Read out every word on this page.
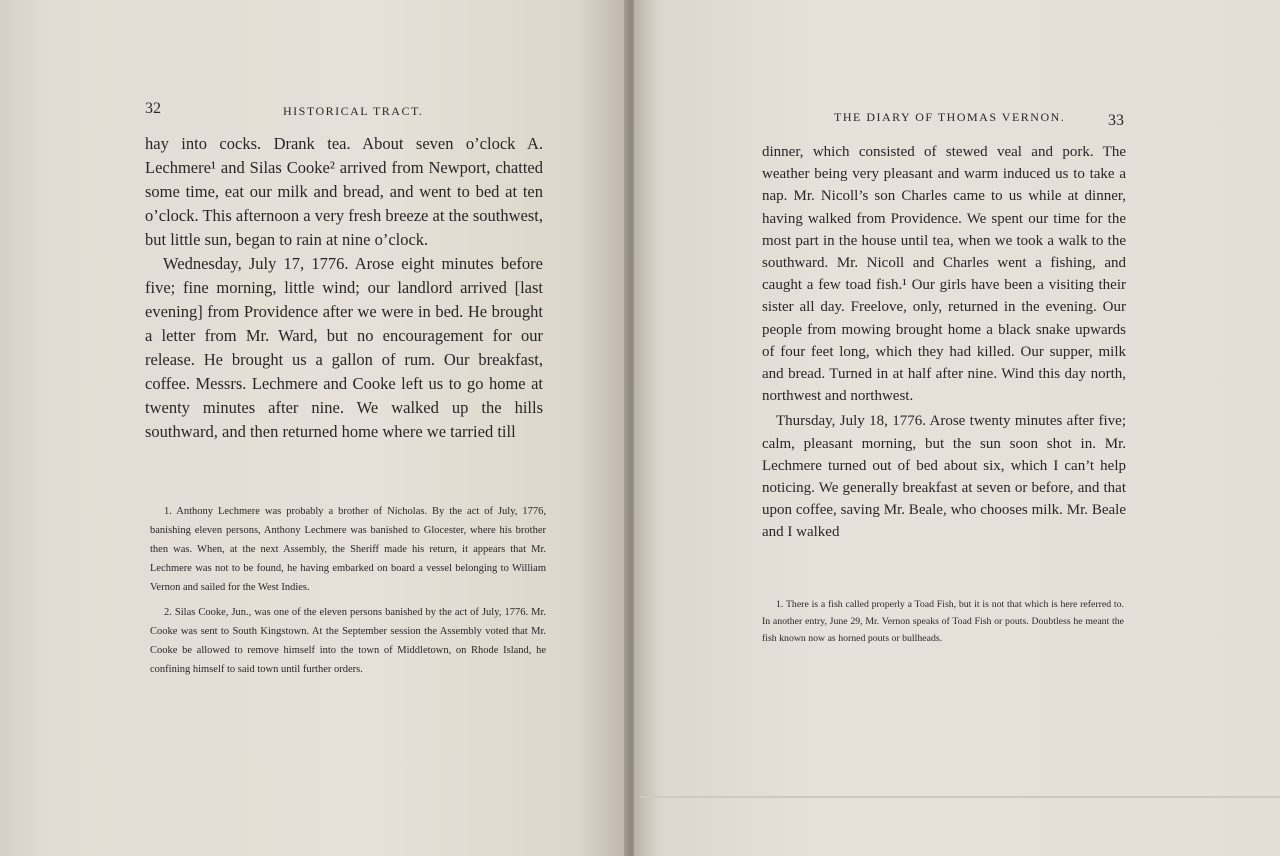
32	HISTORICAL TRACT.

hay into cocks. Drank tea. About seven o’clock A. Lechmere¹ and Silas Cooke² arrived from Newport, chatted some time, eat our milk and bread, and went to bed at ten o’clock. This afternoon a very fresh breeze at the southwest, but little sun, began to rain at nine o’clock.

Wednesday, July 17, 1776. Arose eight minutes before five; fine morning, little wind; our landlord arrived [last evening] from Providence after we were in bed. He brought a letter from Mr. Ward, but no encouragement for our release. He brought us a gallon of rum. Our breakfast, coffee. Messrs. Lechmere and Cooke left us to go home at twenty minutes after nine. We walked up the hills southward, and then returned home where we tarried till

1. Anthony Lechmere was probably a brother of Nicholas. By the act of July, 1776, banishing eleven persons, Anthony Lechmere was banished to Glocester, where his brother then was. When, at the next Assembly, the Sheriff made his return, it appears that Mr. Lechmere was not to be found, he having embarked on board a vessel belonging to William Vernon and sailed for the West Indies.

2. Silas Cooke, Jun., was one of the eleven persons banished by the act of July, 1776. Mr. Cooke was sent to South Kingstown. At the September session the Assembly voted that Mr. Cooke be allowed to remove himself into the town of Middletown, on Rhode Island, he confining himself to said town until further orders.

THE DIARY OF THOMAS VERNON.	33

dinner, which consisted of stewed veal and pork. The weather being very pleasant and warm induced us to take a nap. Mr. Nicoll’s son Charles came to us while at dinner, having walked from Providence. We spent our time for the most part in the house until tea, when we took a walk to the southward. Mr. Nicoll and Charles went a fishing, and caught a few toad fish.¹ Our girls have been a visiting their sister all day. Freelove, only, returned in the evening. Our people from mowing brought home a black snake upwards of four feet long, which they had killed. Our supper, milk and bread. Turned in at half after nine. Wind this day north, northwest and northwest.

Thursday, July 18, 1776. Arose twenty minutes after five; calm, pleasant morning, but the sun soon shot in. Mr. Lechmere turned out of bed about six, which I can’t help noticing. We generally breakfast at seven or before, and that upon coffee, saving Mr. Beale, who chooses milk. Mr. Beale and I walked

1. There is a fish called properly a Toad Fish, but it is not that which is here referred to. In another entry, June 29, Mr. Vernon speaks of Toad Fish or pouts. Doubtless he meant the fish known now as horned pouts or bullheads.
